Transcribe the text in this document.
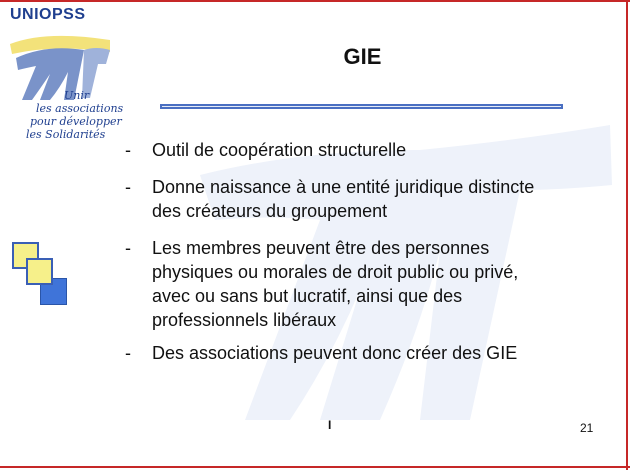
UNIOPSS
Unir
les associations
pour développer
les Solidarités
GIE
- Outil de coopération structurelle
- Donne naissance à une entité juridique distincte
des créateurs du groupement
- Les membres peuvent être des personnes
physiques ou morales de droit public ou privé,
avec ou sans but lucratif, ainsi que des
professionnels libéraux
- Des associations peuvent donc créer des GIE
I	21
